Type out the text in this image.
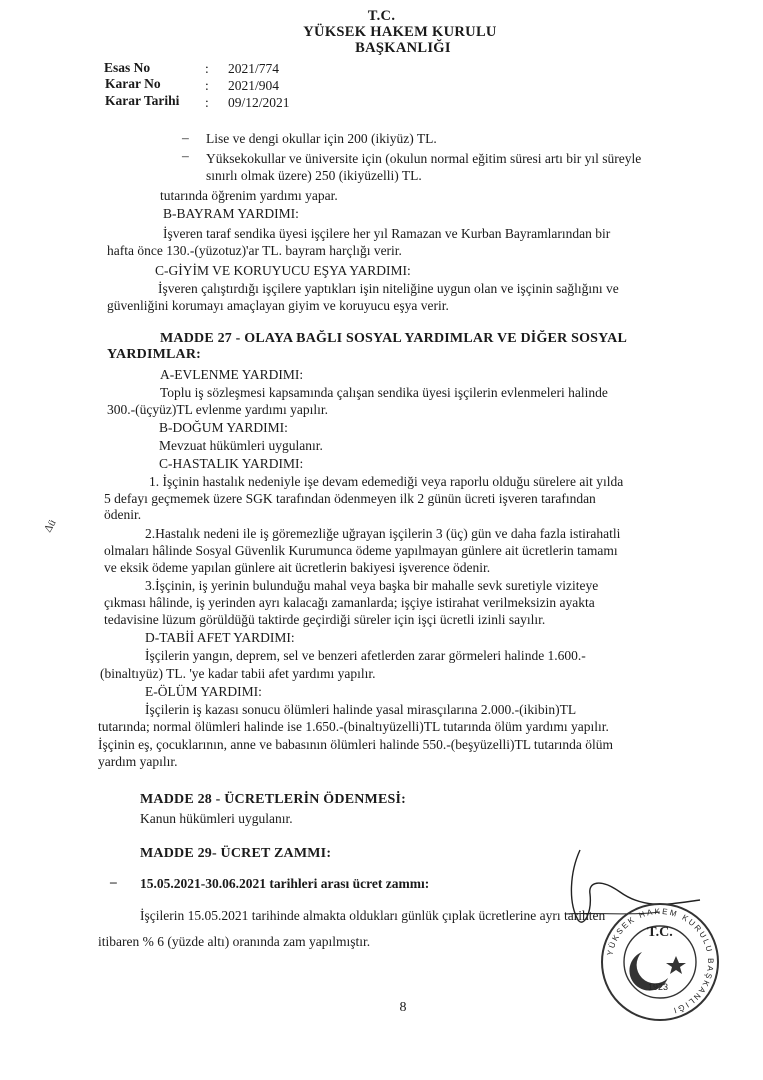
T.C.
YÜKSEK HAKEM KURULU
BAŞKANLIĞI
Esas No	: 2021/774
Karar No	: 2021/904
Karar Tarihi : 09/12/2021
– Lise ve dengi okullar için 200 (ikiyüz) TL.
– Yüksekokullar ve üniversite için (okulun normal eğitim süresi artı bir yıl süreyle
sınırlı olmak üzere) 250 (ikiyüzelli) TL.
tutarında öğrenim yardımı yapar.
B-BAYRAM YARDIMI:
İşveren taraf sendika üyesi işçilere her yıl Ramazan ve Kurban Bayramlarından bir
hafta önce 130.-(yüzotuz)'ar TL. bayram harçlığı verir.
C-GİYİM VE KORUYUCU EŞYA YARDIMI:
İşveren çalıştırdığı işçilere yaptıkları işin niteliğine uygun olan ve işçinin sağlığını ve
güvenliğini korumayı amaçlayan giyim ve koruyucu eşya verir.
MADDE 27 - OLAYA BAĞLI SOSYAL YARDIMLAR VE DİĞER SOSYAL
YARDIMLAR:
A-EVLENME YARDIMI:
Toplu iş sözleşmesi kapsamında çalışan sendika üyesi işçilerin evlenmeleri halinde
300.-(üçyüz)TL evlenme yardımı yapılır.
B-DOĞUM YARDIMI:
Mevzuat hükümleri uygulanır.
C-HASTALIK YARDIMI:
1. İşçinin hastalık nedeniyle işe devam edemediği veya raporlu olduğu sürelere ait yılda
5 defayı geçmemek üzere SGK tarafından ödenmeyen ilk 2 günün ücreti işveren tarafından
ödenir.
2.Hastalık nedeni ile iş göremezliğe uğrayan işçilerin 3 (üç) gün ve daha fazla istirahatli
olmaları hâlinde Sosyal Güvenlik Kurumunca ödeme yapılmayan günlere ait ücretlerin tamamı
ve eksik ödeme yapılan günlere ait ücretlerin bakiyesi işverence ödenir.
3.İşçinin, iş yerinin bulunduğu mahal veya başka bir mahalle sevk suretiyle viziteye
çıkması hâlinde, iş yerinden ayrı kalacağı zamanlarda; işçiye istirahat verilmeksizin ayakta
tedavisine lüzum görüldüğü taktirde geçirdiği süreler için işçi ücretli izinli sayılır.
D-TABİİ AFET YARDIMI:
İşçilerin yangın, deprem, sel ve benzeri afetlerden zarar görmeleri halinde 1.600.-
(binaltıyüz) TL. 'ye kadar tabii afet yardımı yapılır.
E-ÖLÜM YARDIMI:
İşçilerin iş kazası sonucu ölümleri halinde yasal mirasçılarına 2.000.-(ikibin)TL
tutarında; normal ölümleri halinde ise 1.650.-(binaltıyüzelli)TL tutarında ölüm yardımı yapılır.
İşçinin eş, çocuklarının, anne ve babasının ölümleri halinde 550.-(beşyüzelli)TL tutarında ölüm
yardım yapılır.
MADDE 28 - ÜCRETLERİN ÖDENMESİ:
Kanun hükümleri uygulanır.
MADDE 29- ÜCRET ZAMMI:
– 15.05.2021-30.06.2021 tarihleri arası ücret zammı:
İşçilerin 15.05.2021 tarihinde almakta oldukları günlük çıplak ücretlerine ayrı tarihten
itibaren % 6 (yüzde altı) oranında zam yapılmıştır.
Δü
T.C.
1923
YÜKSEK HAKEM KURULU BAŞKANLIĞI
8
